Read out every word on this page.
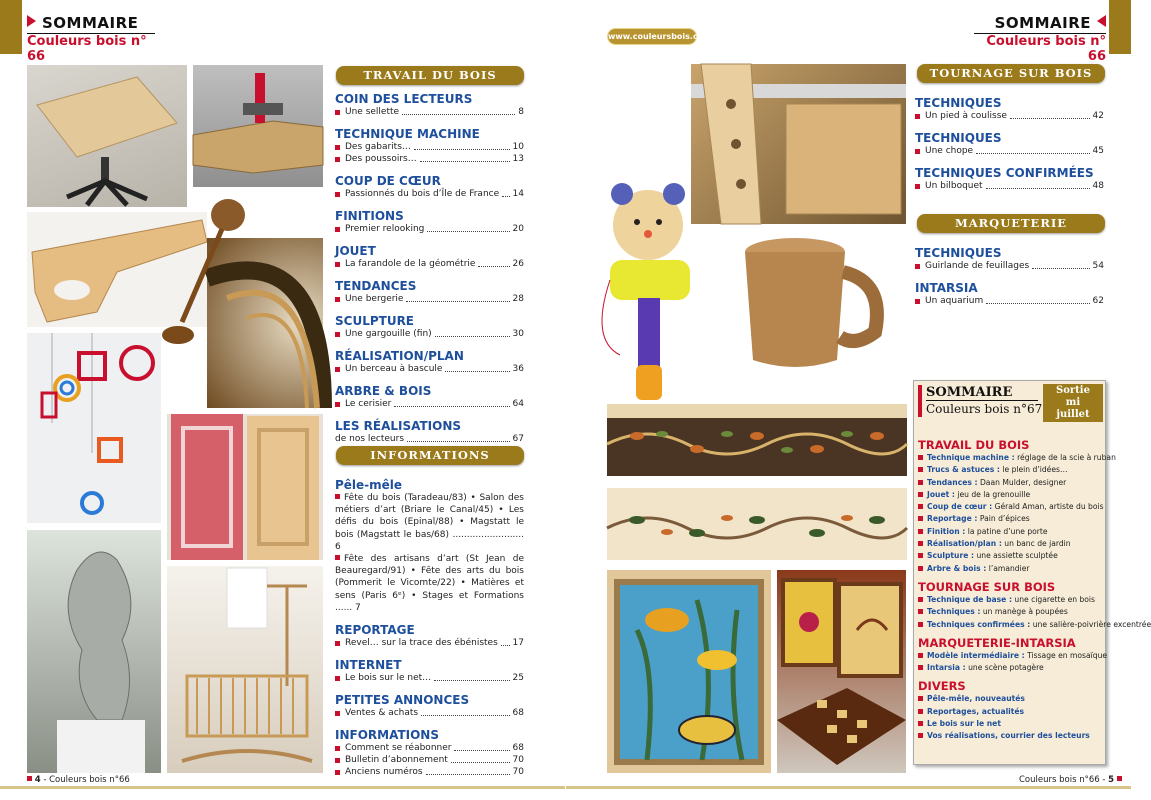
SOMMAIRE
Couleurs bois n° 66
SOMMAIRE
Couleurs bois n° 66
www.couleursbois.com
TRAVAIL DU BOIS
COIN DES LECTEURS
Une sellette	8
TECHNIQUE MACHINE
Des gabarits…	10
Des poussoirs…	13
COUP DE CŒUR
Passionnés du bois d’Île de France 14
FINITIONS
Premier relooking	20
JOUET
La farandole de la géométrie	26
TENDANCES
Une bergerie	28
SCULPTURE
Une gargouille (fin)	30
RÉALISATION/PLAN
Un berceau à bascule	36
ARBRE & BOIS
Le cerisier	64
LES RÉALISATIONS
de nos lecteurs	67
INFORMATIONS
Pêle-mêle
Fête du bois (Taradeau/83) • Salon des métiers d’art (Briare le Canal/45) • Les défis du bois (Epinal/88) • Magstatt le bois (Magstatt le bas/68) ......................... 6
Fête des artisans d’art (St Jean de Beauregard/91) • Fête des arts du bois (Pommerit le Vicomte/22) • Matières et sens (Paris 6ᵉ) • Stages et Formations ...... 7
REPORTAGE
Revel… sur la trace des ébénistes 17
INTERNET
Le bois sur le net…	25
PETITES ANNONCES
Ventes & achats	68
INFORMATIONS
Comment se réabonner	68
Bulletin d’abonnement	70
Anciens numéros	70
TOURNAGE SUR BOIS
TECHNIQUES
Un pied à coulisse	42
TECHNIQUES
Une chope	45
TECHNIQUES CONFIRMÉES
Un bilboquet	48
MARQUETERIE
TECHNIQUES
Guirlande de feuillages	54
INTARSIA
Un aquarium	62
SOMMAIRE
Couleurs bois n°67
Sortie
mi
juillet
TRAVAIL DU BOIS
Technique machine : réglage de la scie à ruban
Trucs & astuces : le plein d’idées…
Tendances : Daan Mulder, designer
Jouet : jeu de la grenouille
Coup de cœur : Gérald Aman, artiste du bois
Reportage : Pain d’épices
Finition : la patine d’une porte
Réalisation/plan : un banc de jardin
Sculpture : une assiette sculptée
Arbre & bois : l’amandier
TOURNAGE SUR BOIS
Technique de base : une cigarette en bois
Techniques : un manège à poupées
Techniques confirmées : une salière-poivrière excentrée
MARQUETERIE-INTARSIA
Modèle intermédiaire : Tissage en mosaïque
Intarsia : une scène potagère
DIVERS
Pêle-mêle, nouveautés
Reportages, actualités
Le bois sur le net
Vos réalisations, courrier des lecteurs
4 - Couleurs bois n°66	Couleurs bois n°66 - 5
